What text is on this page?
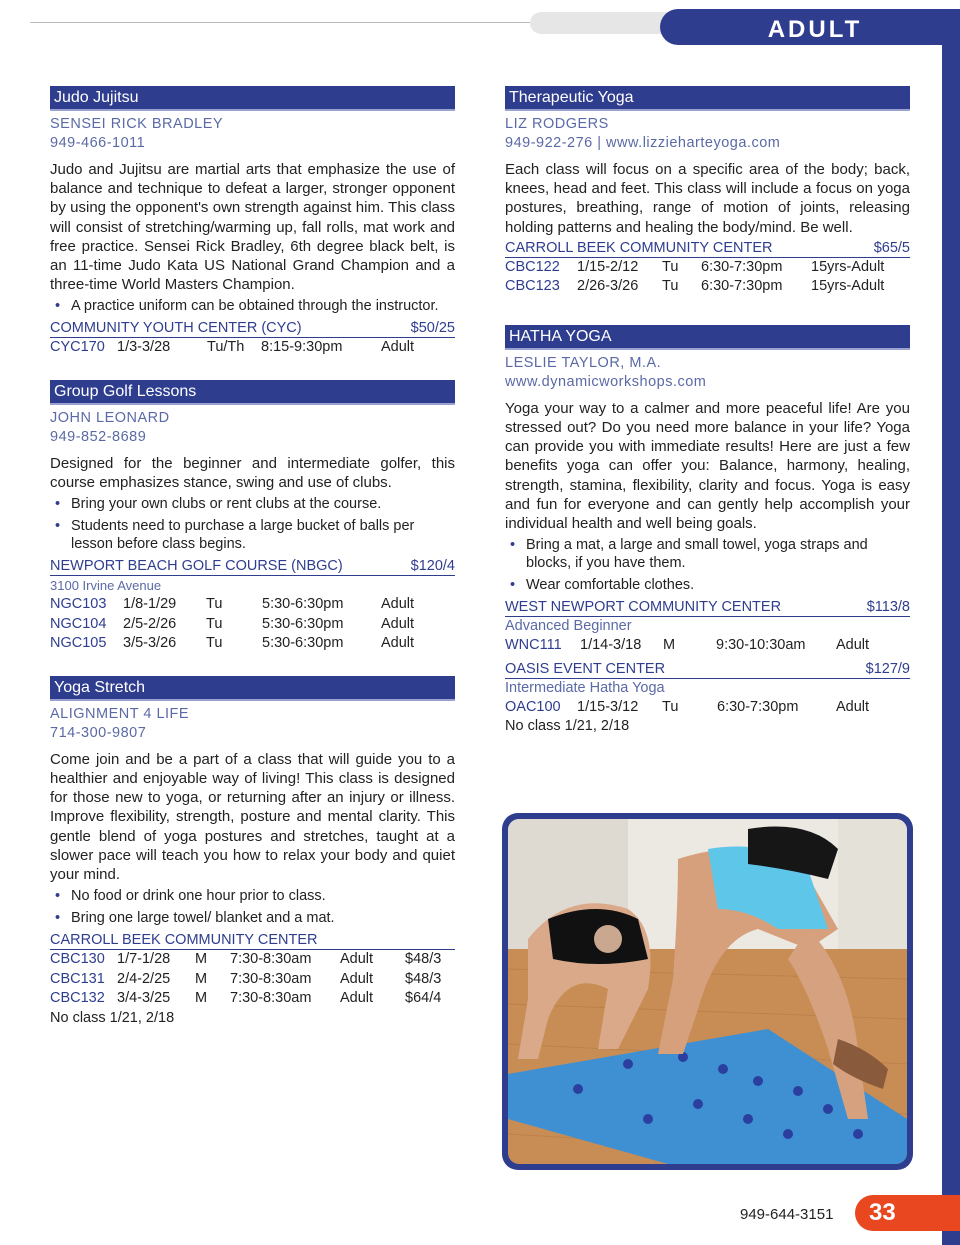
ADULT
Judo Jujitsu
SENSEI RICK BRADLEY
949-466-1011
Judo and Jujitsu are martial arts that emphasize the use of balance and technique to defeat a larger, stronger opponent by using the opponent's own strength against him. This class will consist of stretching/warming up, fall rolls, mat work and free practice. Sensei Rick Bradley, 6th degree black belt, is an 11-time Judo Kata US National Grand Champion and a three-time World Masters Champion.
• A practice uniform can be obtained through the instructor.
COMMUNITY YOUTH CENTER (CYC)	$50/25
CYC170 1/3-3/28	Tu/Th	8:15-9:30pm	Adult
Group Golf Lessons
JOHN LEONARD
949-852-8689
Designed for the beginner and intermediate golfer, this course emphasizes stance, swing and use of clubs.
• Bring your own clubs or rent clubs at the course.
• Students need to purchase a large bucket of balls per lesson before class begins.
NEWPORT BEACH GOLF COURSE (NBGC)	$120/4
3100 Irvine Avenue
NGC103	1/8-1/29	Tu	5:30-6:30pm	Adult
NGC104	2/5-2/26	Tu	5:30-6:30pm	Adult
NGC105	3/5-3/26	Tu	5:30-6:30pm	Adult
Yoga Stretch
ALIGNMENT 4 LIFE
714-300-9807
Come join and be a part of a class that will guide you to a healthier and enjoyable way of living! This class is designed for those new to yoga, or returning after an injury or illness. Improve flexibility, strength, posture and mental clarity. This gentle blend of yoga postures and stretches, taught at a slower pace will teach you how to relax your body and quiet your mind.
• No food or drink one hour prior to class.
• Bring one large towel/ blanket and a mat.
CARROLL BEEK COMMUNITY CENTER
CBC130 1/7-1/28	M	7:30-8:30am	Adult	$48/3
CBC131 2/4-2/25	M	7:30-8:30am	Adult	$48/3
CBC132 3/4-3/25	M	7:30-8:30am	Adult	$64/4
No class 1/21, 2/18
Therapeutic Yoga
LIZ RODGERS
949-922-276 | www.lizzieharteyoga.com
Each class will focus on a specific area of the body; back, knees, head and feet. This class will include a focus on yoga postures, breathing, range of motion of joints, releasing holding patterns and healing the body/mind. Be well.
CARROLL BEEK COMMUNITY CENTER	$65/5
CBC122	1/15-2/12	Tu	6:30-7:30pm	15yrs-Adult
CBC123	2/26-3/26	Tu	6:30-7:30pm	15yrs-Adult
HATHA YOGA
LESLIE TAYLOR, M.A.
www.dynamicworkshops.com
Yoga your way to a calmer and more peaceful life! Are you stressed out? Do you need more balance in your life? Yoga can provide you with immediate results! Here are just a few benefits yoga can offer you: Balance, harmony, healing, strength, stamina, flexibility, clarity and focus. Yoga is easy and fun for everyone and can gently help accomplish your individual health and well being goals.
• Bring a mat, a large and small towel, yoga straps and blocks, if you have them.
• Wear comfortable clothes.
WEST NEWPORT COMMUNITY CENTER	$113/8
Advanced Beginner
WNC111	1/14-3/18	M	9:30-10:30am	Adult
OASIS EVENT CENTER	$127/9
Intermediate Hatha Yoga
OAC100	1/15-3/12	Tu	6:30-7:30pm	Adult
No class 1/21, 2/18
949-644-3151	33
